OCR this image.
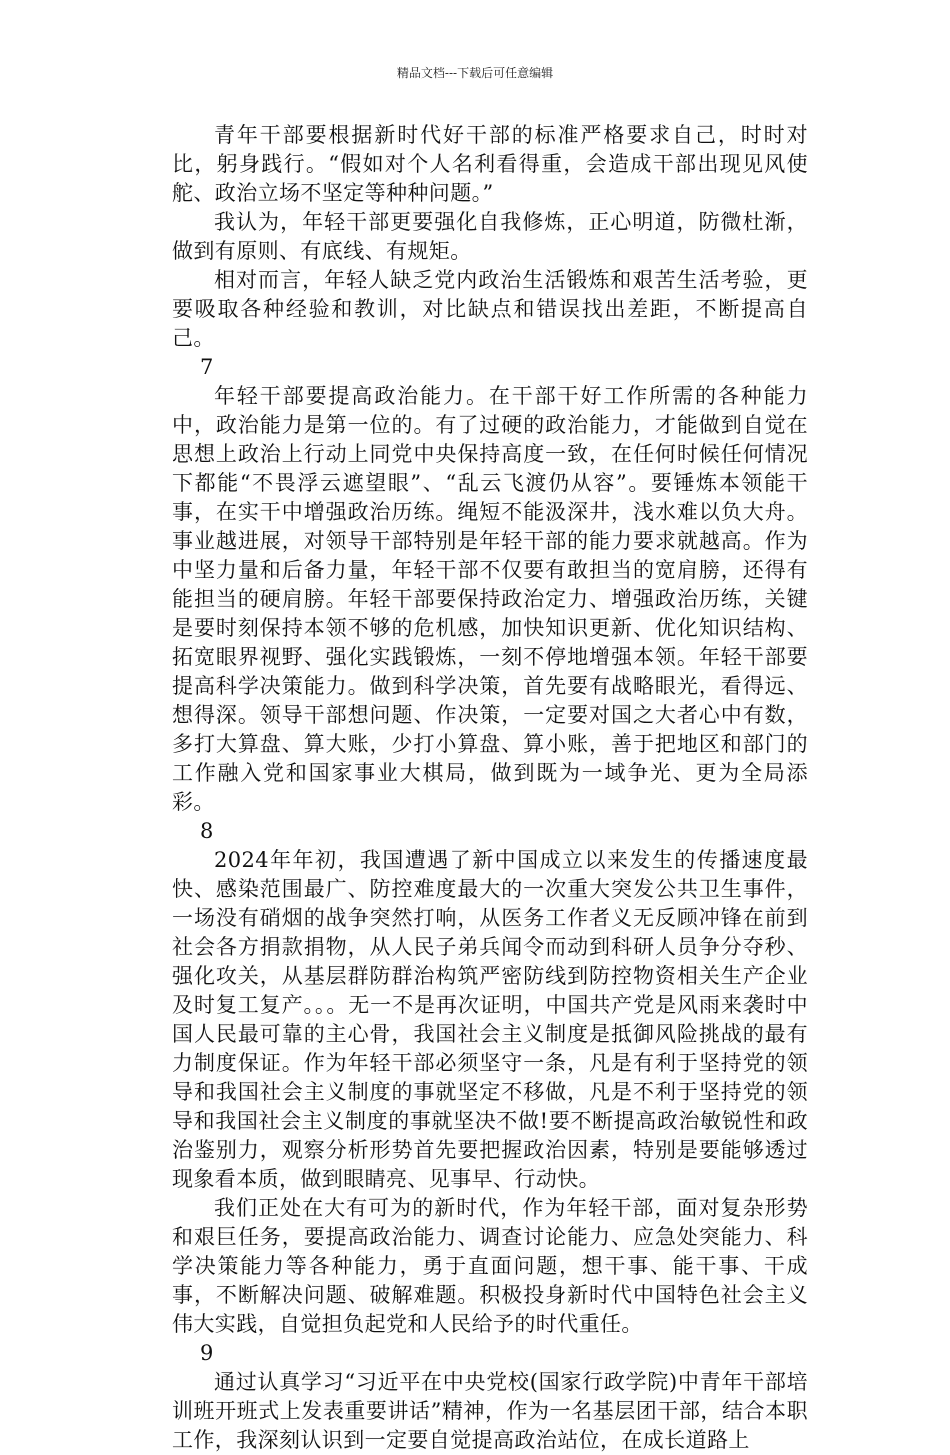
精品文档---下载后可任意编辑

青年干部要根据新时代好干部的标准严格要求自己，时时对比，躬身践行。“假如对个人名利看得重，会造成干部出现见风使舵、政治立场不坚定等种种问题。”

我认为，年轻干部更要强化自我修炼，正心明道，防微杜渐，做到有原则、有底线、有规矩。

相对而言，年轻人缺乏党内政治生活锻炼和艰苦生活考验，更要吸取各种经验和教训，对比缺点和错误找出差距，不断提高自己。

7

年轻干部要提高政治能力。在干部干好工作所需的各种能力中，政治能力是第一位的。有了过硬的政治能力，才能做到自觉在思想上政治上行动上同党中央保持高度一致，在任何时候任何情况下都能“不畏浮云遮望眼”、“乱云飞渡仍从容”。要锤炼本领能干事，在实干中增强政治历练。绳短不能汲深井，浅水难以负大舟。事业越进展，对领导干部特别是年轻干部的能力要求就越高。作为中坚力量和后备力量，年轻干部不仅要有敢担当的宽肩膀，还得有能担当的硬肩膀。年轻干部要保持政治定力、增强政治历练，关键是要时刻保持本领不够的危机感，加快知识更新、优化知识结构、拓宽眼界视野、强化实践锻炼，一刻不停地增强本领。年轻干部要提高科学决策能力。做到科学决策，首先要有战略眼光，看得远、想得深。领导干部想问题、作决策，一定要对国之大者心中有数，多打大算盘、算大账，少打小算盘、算小账，善于把地区和部门的工作融入党和国家事业大棋局，做到既为一域争光、更为全局添彩。

8

2024年年初，我国遭遇了新中国成立以来发生的传播速度最快、感染范围最广、防控难度最大的一次重大突发公共卫生事件，一场没有硝烟的战争突然打响，从医务工作者义无反顾冲锋在前到社会各方捐款捐物，从人民子弟兵闻令而动到科研人员争分夺秒、强化攻关，从基层群防群治构筑严密防线到防控物资相关生产企业及时复工复产。。。无一不是再次证明，中国共产党是风雨来袭时中国人民最可靠的主心骨，我国社会主义制度是抵御风险挑战的最有力制度保证。作为年轻干部必须坚守一条，凡是有利于坚持党的领导和我国社会主义制度的事就坚定不移做，凡是不利于坚持党的领导和我国社会主义制度的事就坚决不做!要不断提高政治敏锐性和政治鉴别力，观察分析形势首先要把握政治因素，特别是要能够透过现象看本质，做到眼睛亮、见事早、行动快。

我们正处在大有可为的新时代，作为年轻干部，面对复杂形势和艰巨任务，要提高政治能力、调查讨论能力、应急处突能力、科学决策能力等各种能力，勇于直面问题，想干事、能干事、干成事，不断解决问题、破解难题。积极投身新时代中国特色社会主义伟大实践，自觉担负起党和人民给予的时代重任。

9

通过认真学习“习近平在中央党校(国家行政学院)中青年干部培训班开班式上发表重要讲话”精神，作为一名基层团干部，结合本职工作，我深刻认识到一定要自觉提高政治站位，在成长道路上
